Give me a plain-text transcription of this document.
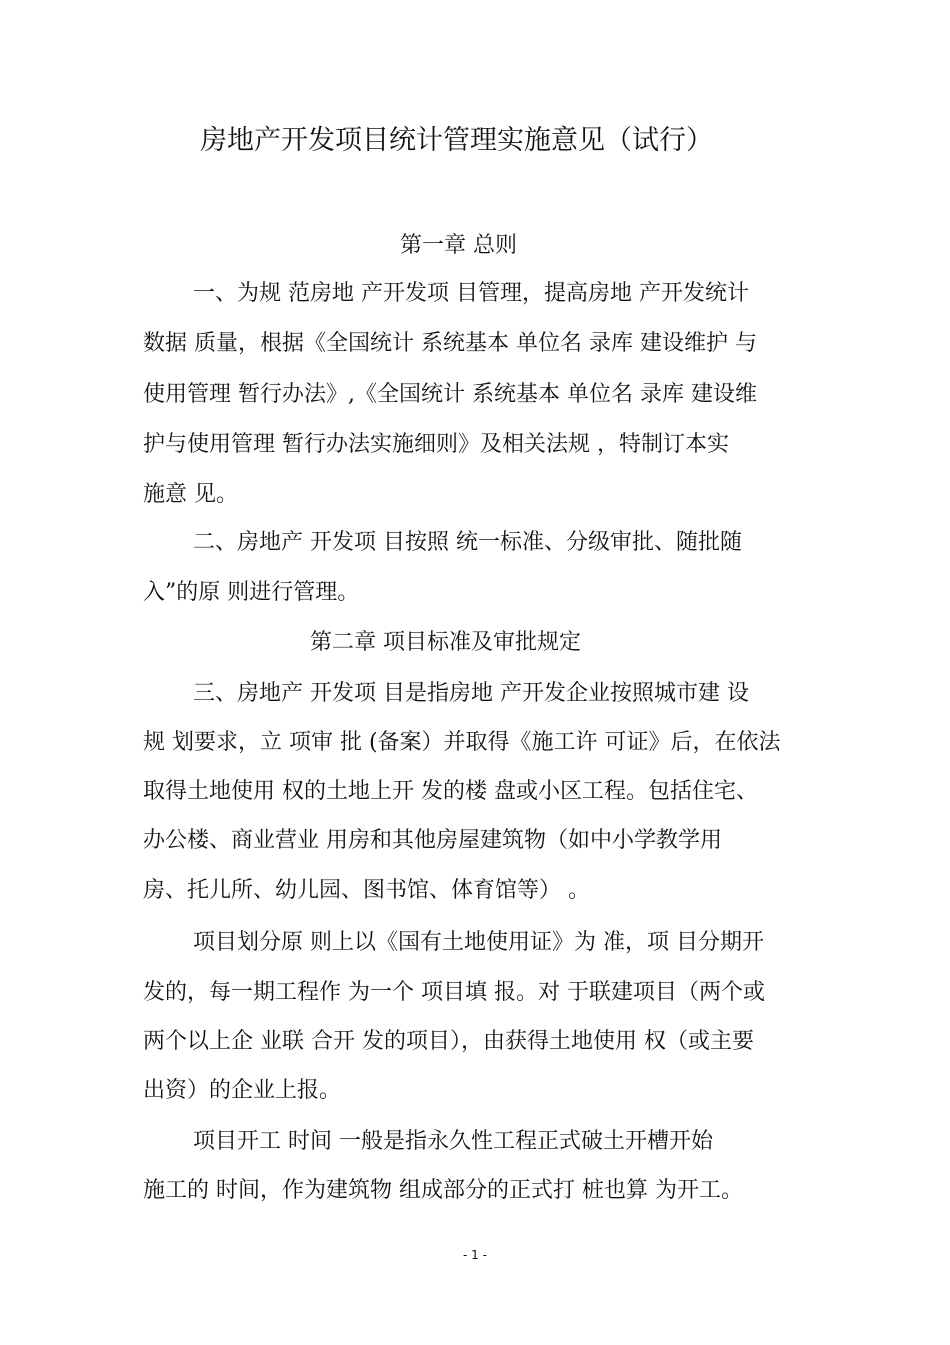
房地产开发项目统计管理实施意见（试行）
第一章 总则
一、为规 范房地 产开发项 目管理，提高房地 产开发统计
数据 质量，根据《全国统计 系统基本 单位名 录库 建设维护 与
使用管理 暂行办法》,《全国统计 系统基本 单位名 录库 建设维
护与使用管理 暂行办法实施细则》及相关法规 ，特制订本实
施意 见。
二、房地产 开发项 目按照 统一标准、分级审批、随批随
入”的原 则进行管理。
第二章 项目标准及审批规定
三、房地产 开发项 目是指房地 产开发企业按照城市建 设
规 划要求，立 项审 批 (备案）并取得《施工许 可证》后，在依法
取得土地使用 权的土地上开 发的楼 盘或小区工程。包括住宅、
办公楼、商业营业 用房和其他房屋建筑物（如中小学教学用
房、托儿所、幼儿园、图书馆、体育馆等） 。
项目划分原 则上以《国有土地使用证》为 准，项 目分期开
发的，每一期工程作 为一个 项目填 报。对 于联建项目（两个或
两个以上企 业联 合开 发的项目），由获得土地使用 权（或主要
出资）的企业上报。
项目开工 时间 一般是指永久性工程正式破土开槽开始
施工的 时间，作为建筑物 组成部分的正式打 桩也算 为开工。
- 1 -
